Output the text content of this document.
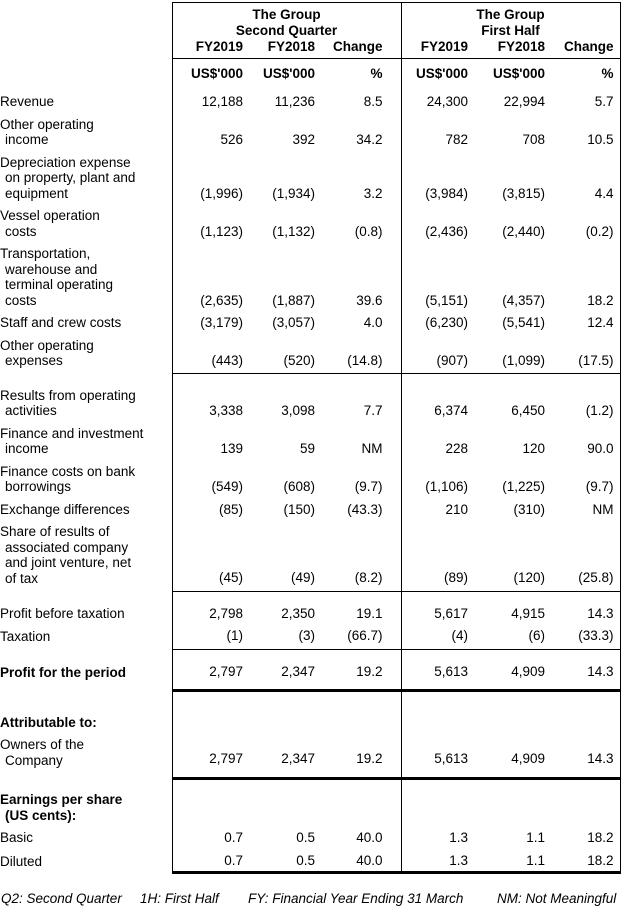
The Group
Second Quarter

The Group
First Half

	FY2019	FY2018	Change	FY2019	FY2018	Change
	US$'000	US$'000	%	US$'000	US$'000	%

Revenue	12,188	11,236	8.5	24,300	22,994	5.7

Other operating
income	526	392	34.2	782	708	10.5

Depreciation expense
on property, plant and
equipment	(1,996)	(1,934)	3.2	(3,984)	(3,815)	4.4

Vessel operation
costs	(1,123)	(1,132)	(0.8)	(2,436)	(2,440)	(0.2)

Transportation,
warehouse and
terminal operating
costs	(2,635)	(1,887)	39.6	(5,151)	(4,357)	18.2

Staff and crew costs	(3,179)	(3,057)	4.0	(6,230)	(5,541)	12.4

Other operating
expenses	(443)	(520)	(14.8)	(907)	(1,099)	(17.5)

Results from operating
activities	3,338	3,098	7.7	6,374	6,450	(1.2)

Finance and investment
income	139	59	NM	228	120	90.0

Finance costs on bank
borrowings	(549)	(608)	(9.7)	(1,106)	(1,225)	(9.7)

Exchange differences	(85)	(150)	(43.3)	210	(310)	NM

Share of results of
associated company
and joint venture, net
of tax	(45)	(49)	(8.2)	(89)	(120)	(25.8)

Profit before taxation	2,798	2,350	19.1	5,617	4,915	14.3

Taxation	(1)	(3)	(66.7)	(4)	(6)	(33.3)

Profit for the period	2,797	2,347	19.2	5,613	4,909	14.3

Attributable to:						

Owners of the
Company	2,797	2,347	19.2	5,613	4,909	14.3

Earnings per share
(US cents):						

Basic	0.7	0.5	40.0	1.3	1.1	18.2

Diluted	0.7	0.5	40.0	1.3	1.1	18.2
Q2: Second Quarter 1H: First Half FY: Financial Year Ending 31 March NM: Not Meaningful
